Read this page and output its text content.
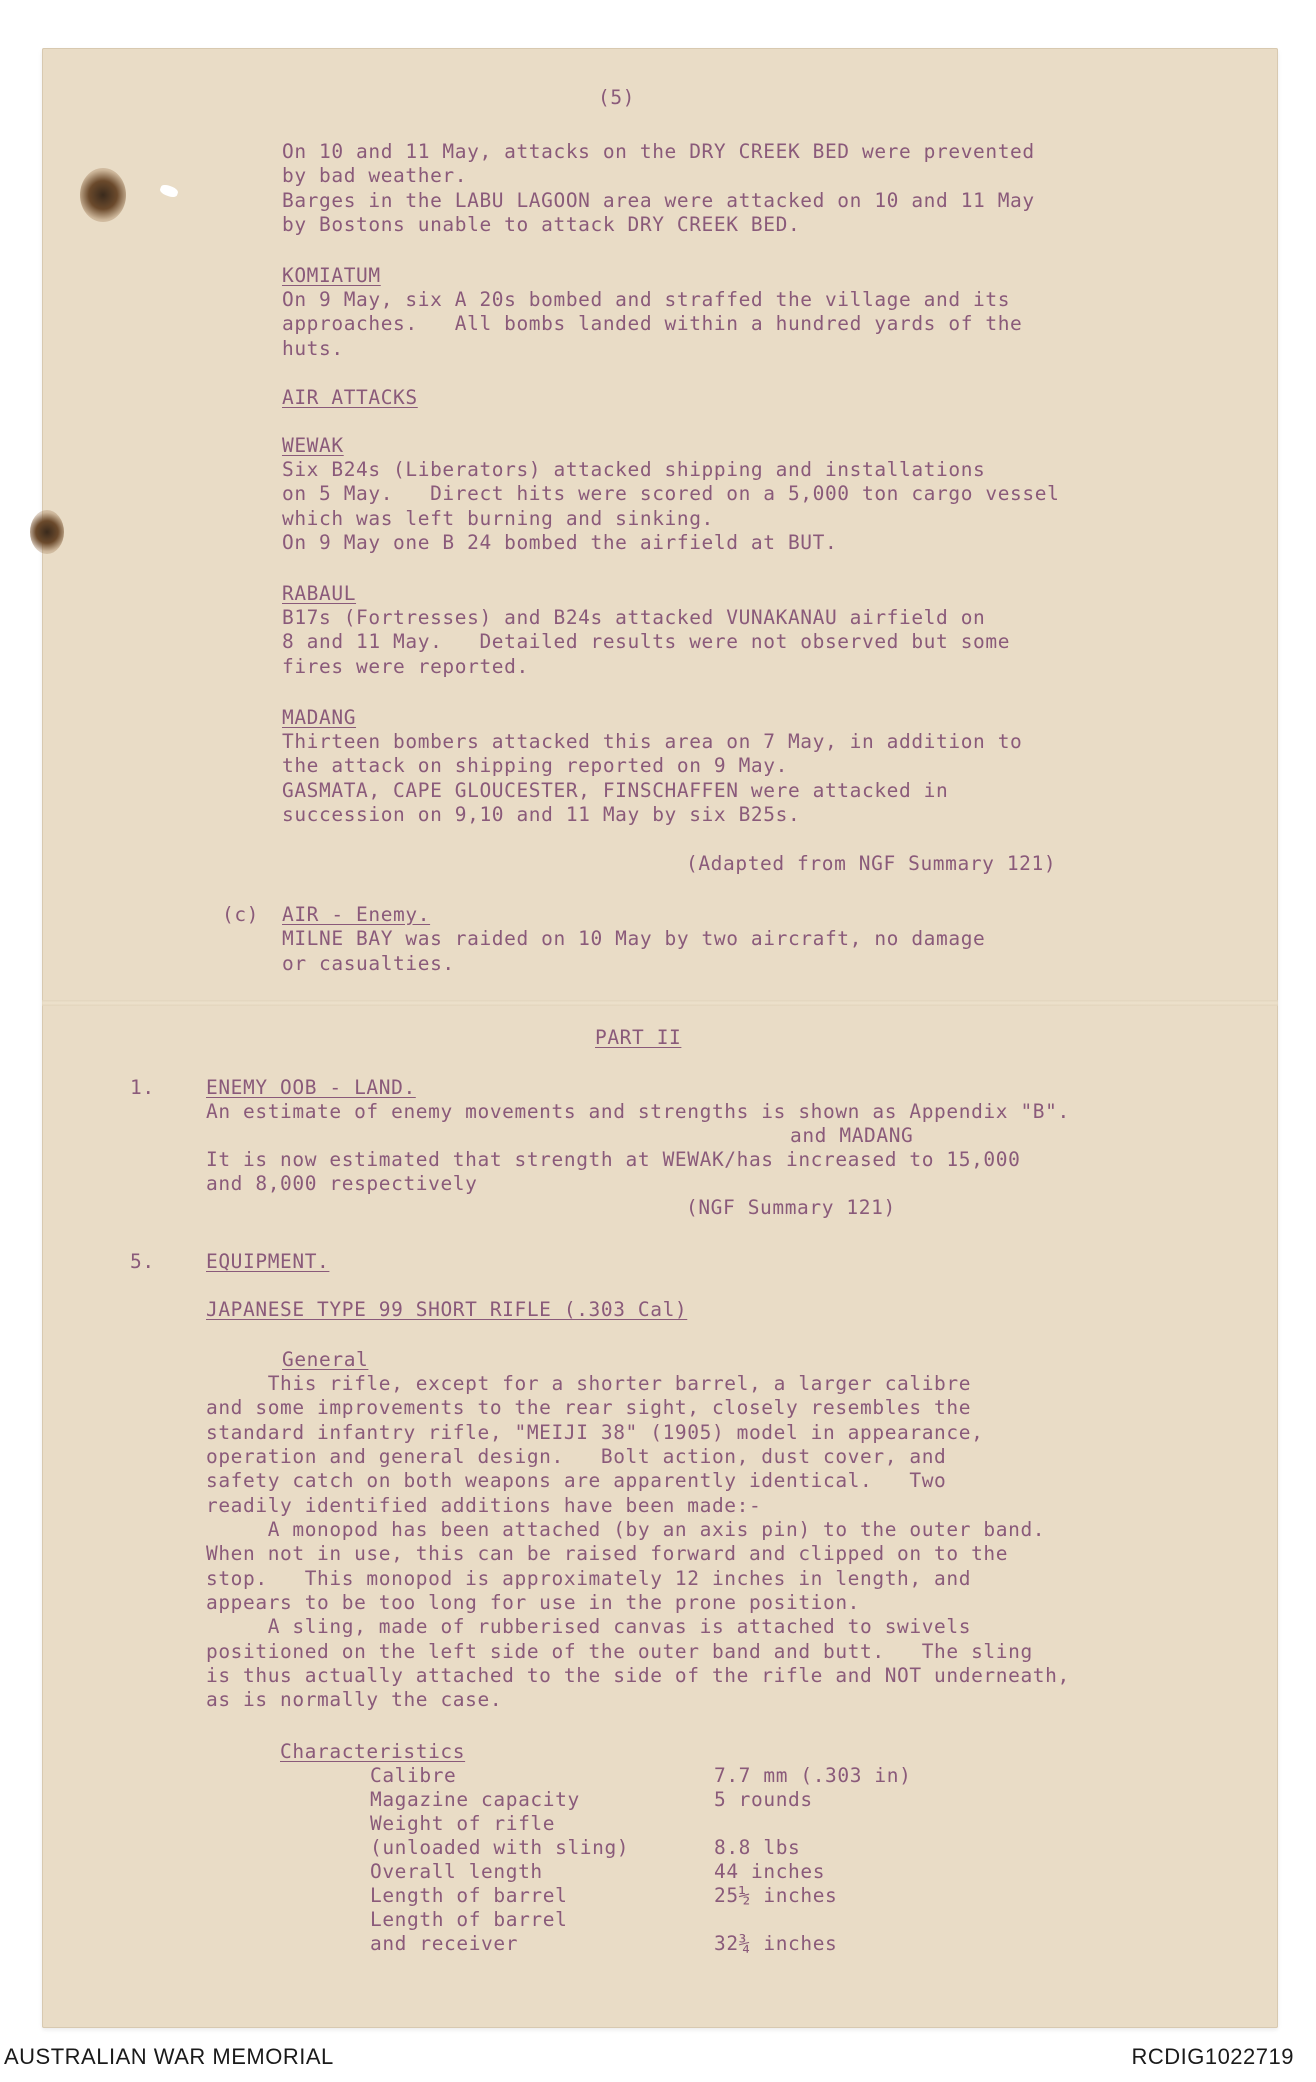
(5)
On 10 and 11 May, attacks on the DRY CREEK BED were prevented
by bad weather.
Barges in the LABU LAGOON area were attacked on 10 and 11 May
by Bostons unable to attack DRY CREEK BED.
KOMIATUM
On 9 May, six A 20s bombed and straffed the village and its
approaches.   All bombs landed within a hundred yards of the
huts.
AIR ATTACKS
WEWAK
Six B24s (Liberators) attacked shipping and installations
on 5 May.   Direct hits were scored on a 5,000 ton cargo vessel
which was left burning and sinking.
On 9 May one B 24 bombed the airfield at BUT.
RABAUL
B17s (Fortresses) and B24s attacked VUNAKANAU airfield on
8 and 11 May.   Detailed results were not observed but some
fires were reported.
MADANG
Thirteen bombers attacked this area on 7 May, in addition to
the attack on shipping reported on 9 May.
GASMATA, CAPE GLOUCESTER, FINSCHAFFEN were attacked in
succession on 9,10 and 11 May by six B25s.
(Adapted from NGF Summary 121)
(c) AIR - Enemy.
MILNE BAY was raided on 10 May by two aircraft, no damage
or casualties.
PART II
1.	ENEMY OOB - LAND.
An estimate of enemy movements and strengths is shown as Appendix "B".
and MADANG
It is now estimated that strength at WEWAK/has increased to 15,000
and 8,000 respectively
(NGF Summary 121)
5.	EQUIPMENT.
JAPANESE TYPE 99 SHORT RIFLE (.303 Cal)
General
This rifle, except for a shorter barrel, a larger calibre
and some improvements to the rear sight, closely resembles the
standard infantry rifle, "MEIJI 38" (1905) model in appearance,
operation and general design.   Bolt action, dust cover, and
safety catch on both weapons are apparently identical.   Two
readily identified additions have been made:-
A monopod has been attached (by an axis pin) to the outer band.
When not in use, this can be raised forward and clipped on to the
stop.   This monopod is approximately 12 inches in length, and
appears to be too long for use in the prone position.
A sling, made of rubberised canvas is attached to swivels
positioned on the left side of the outer band and butt.   The sling
is thus actually attached to the side of the rifle and NOT underneath,
as is normally the case.
Characteristics
Calibre	7.7 mm (.303 in)
Magazine capacity	5 rounds
Weight of rifle
(unloaded with sling)	8.8 lbs
Overall length	44 inches
Length of barrel	25½ inches
Length of barrel
and receiver	32¾ inches
AUSTRALIAN WAR MEMORIAL	RCDIG1022719
